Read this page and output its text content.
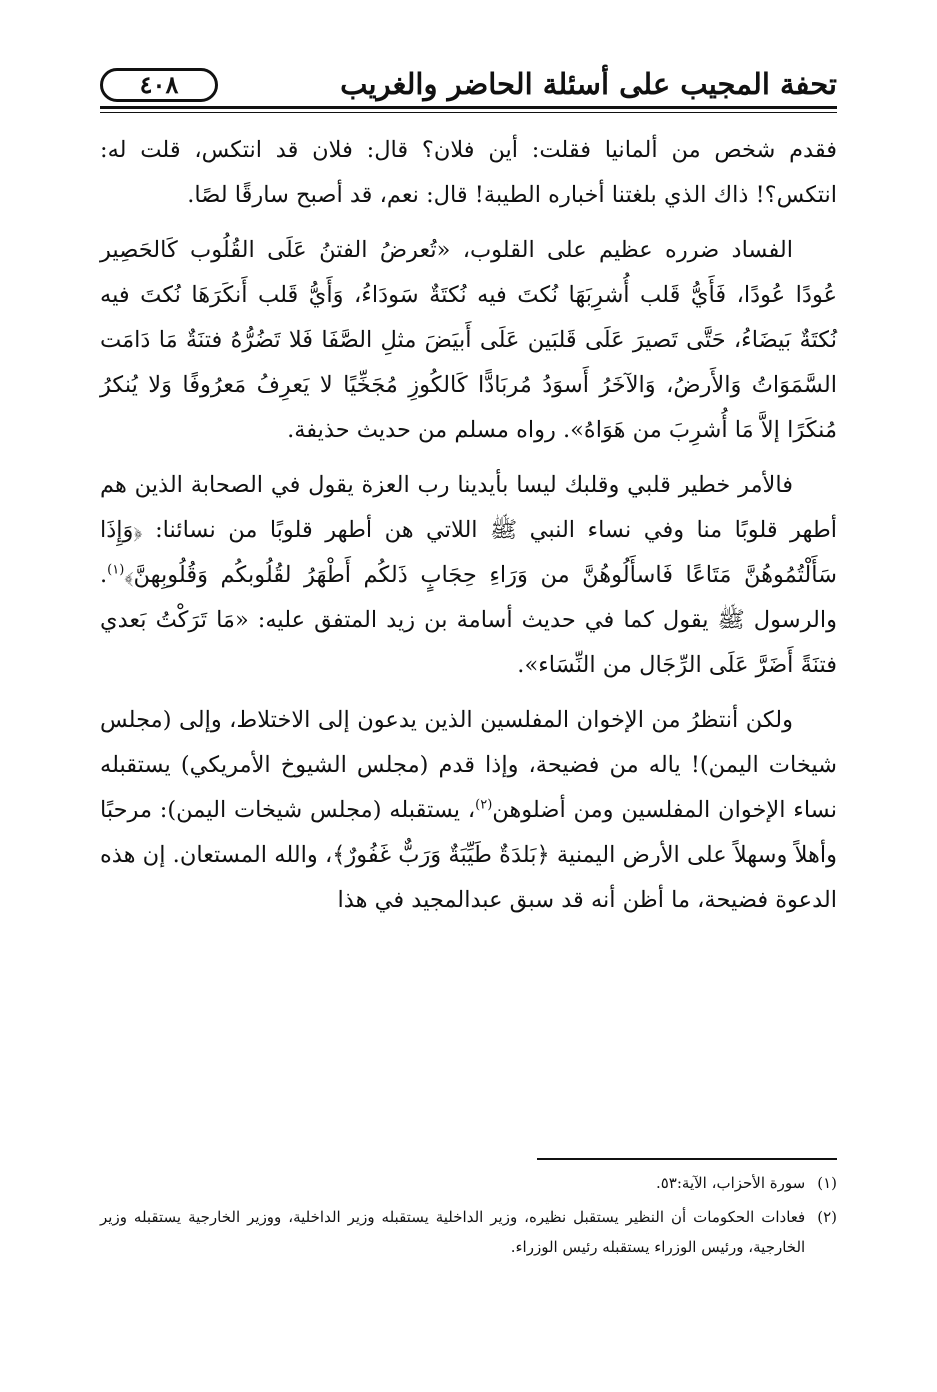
تحفة المجيب على أسئلة الحاضر والغريب
٤٠٨

فقدم شخص من ألمانيا فقلت: أين فلان؟ قال: فلان قد انتكس، قلت له: انتكس؟! ذاك الذي بلغتنا أخباره الطيبة! قال: نعم، قد أصبح سارقًا لصًا.

الفساد ضرره عظيم على القلوب، «تُعرضُ الفتنُ عَلَى القُلُوب كَالحَصِير عُودًا عُودًا، فَأَيُّ قَلب أُشرِبَهَا نُكتَ فيه نُكتَةٌ سَودَاءُ، وَأَيُّ قَلب أَنكَرَهَا نُكتَ فيه نُكتَةٌ بَيضَاءُ، حَتَّى تَصيرَ عَلَى قَلبَين عَلَى أَبيَضَ مثلِ الصَّفَا فَلا تَضُرُّهُ فتنَةٌ مَا دَامَت السَّمَوَاتُ وَالأَرضُ، وَالآخَرُ أَسوَدُ مُربَادًّا كَالكُوزِ مُجَخِّيًا لا يَعرِفُ مَعرُوفًا وَلا يُنكرُ مُنكَرًا إلاَّ مَا أُشرِبَ من هَوَاهُ». رواه مسلم من حديث حذيفة.

فالأمر خطير قلبي وقلبك ليسا بأيدينا رب العزة يقول في الصحابة الذين هم أطهر قلوبًا منا وفي نساء النبي ﷺ اللاتي هن أطهر قلوبًا من نسائنا: ﴿وَإِذَا سَأَلْتُمُوهُنَّ مَتَاعًا فَاسأَلُوهُنَّ من وَرَاءِ حِجَابٍ ذَلكُم أَطْهَرُ لقُلُوبكُم وَقُلُوبِهنَّ﴾$^{(١)}$. والرسول ﷺ يقول كما في حديث أسامة بن زيد المتفق عليه: «مَا تَرَكْتُ بَعدي فتنَةً أَضَرَّ عَلَى الرِّجَال من النِّسَاء».

ولكن أنتظرُ من الإخوان المفلسين الذين يدعون إلى الاختلاط، وإلى (مجلس شيخات اليمن)! ياله من فضيحة، وإذا قدم (مجلس الشيوخ الأمريكي) يستقبله نساء الإخوان المفلسين ومن أضلوهن$^{(٢)}$، يستقبله (مجلس شيخات اليمن): مرحبًا وأهلاً وسهلاً على الأرض اليمنية ﴿بَلدَةٌ طَيِّبَةٌ وَرَبٌّ غَفُورٌ﴾، والله المستعان. إن هذه الدعوة فضيحة، ما أظن أنه قد سبق عبدالمجيد في هذا

(١)
سورة الأحزاب، الآية:٥٣.
(٢)
فعادات الحكومات أن النظير يستقبل نظيره، وزير الداخلية يستقبله وزير الداخلية، ووزير الخارجية يستقبله وزير الخارجية، ورئيس الوزراء يستقبله رئيس الوزراء.
